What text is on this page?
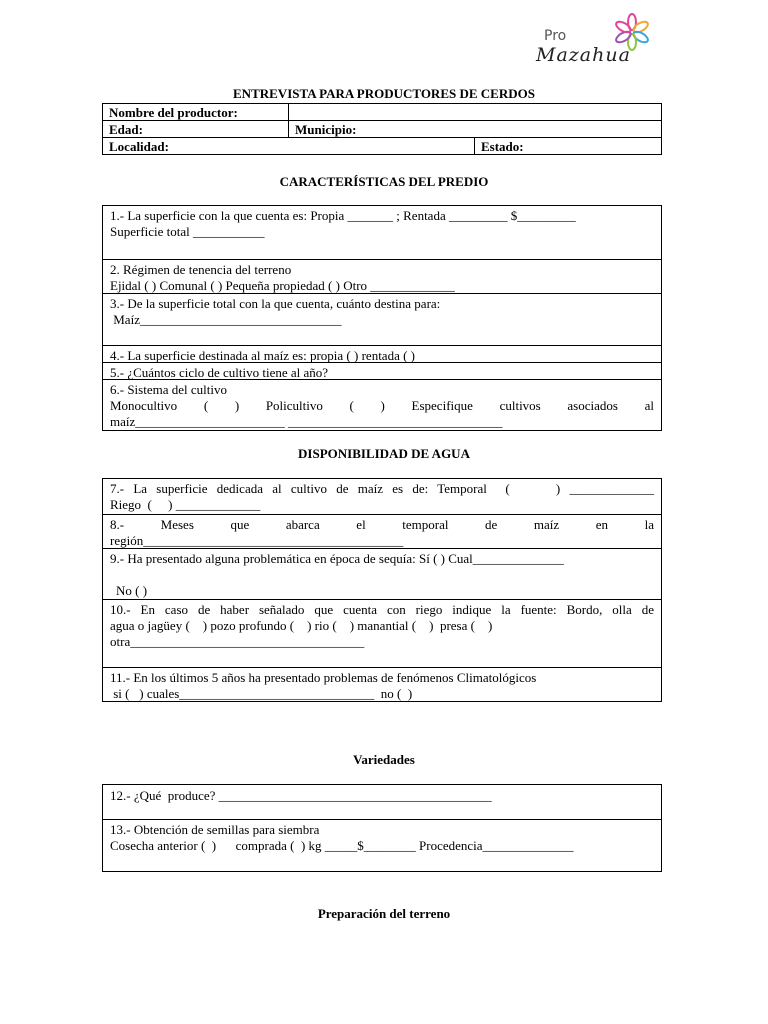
Pro
Mazahua
ENTREVISTA PARA PRODUCTORES DE CERDOS
Nombre del productor:		
Edad:	Municipio:	
Localidad:		Estado:
CARACTERÍSTICAS DEL PREDIO
1.- La superficie con la que cuenta es: Propia _______ ; Rentada _________ $_________
Superficie total ___________
2. Régimen de tenencia del terreno
Ejidal ( ) Comunal ( ) Pequeña propiedad ( ) Otro _____________
3.- De la superficie total con la que cuenta, cuánto destina para:
Maíz_______________________________
4.- La superficie destinada al maíz es: propia ( ) rentada ( )
5.- ¿Cuántos ciclo de cultivo tiene al año?
6.- Sistema del cultivo
Monocultivo ( ) Policultivo ( ) Especifique cultivos asociados al
maíz_______________________ _________________________________
DISPONIBILIDAD DE AGUA
7.- La superficie dedicada al cultivo de maíz es de: Temporal  (     ) _____________
Riego  (     ) _____________
8.- Meses que abarca el temporal de maíz en la
región________________________________________
9.- Ha presentado alguna problemática en época de sequía: Sí ( ) Cual______________
No ( )
10.- En caso de haber señalado que cuenta con riego indique la fuente: Bordo, olla de
agua o jagüey (    ) pozo profundo (    ) rio (    ) manantial (    )  presa (    )
otra____________________________________
11.- En los últimos 5 años ha presentado problemas de fenómenos Climatológicos
si (   ) cuales______________________________  no (  )
Variedades
12.- ¿Qué  produce? __________________________________________
13.- Obtención de semillas para siembra
Cosecha anterior (  )      comprada (  ) kg _____$________ Procedencia______________
Preparación del terreno
